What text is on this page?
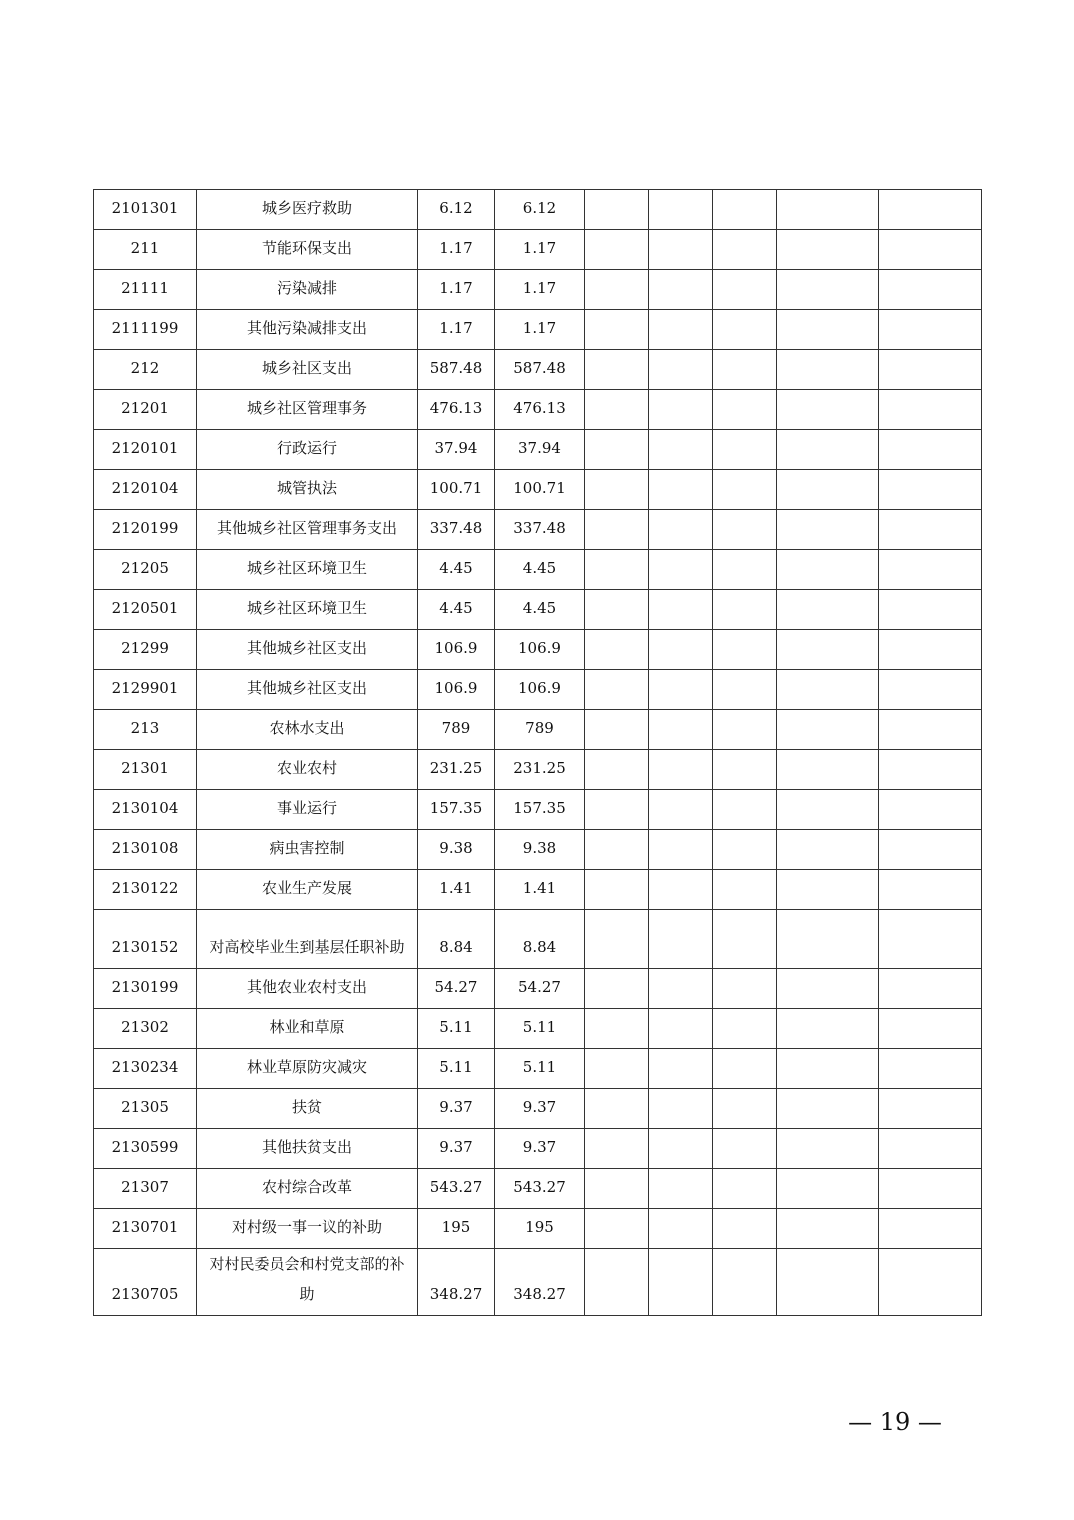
2101301	城乡医疗救助	6.12	6.12					
211	节能环保支出	1.17	1.17					
21111	污染减排	1.17	1.17					
2111199	其他污染减排支出	1.17	1.17					
212	城乡社区支出	587.48	587.48					
21201	城乡社区管理事务	476.13	476.13					
2120101	行政运行	37.94	37.94					
2120104	城管执法	100.71	100.71					
2120199	其他城乡社区管理事务支出	337.48	337.48					
21205	城乡社区环境卫生	4.45	4.45					
2120501	城乡社区环境卫生	4.45	4.45					
21299	其他城乡社区支出	106.9	106.9					
2129901	其他城乡社区支出	106.9	106.9					
213	农林水支出	789	789					
21301	农业农村	231.25	231.25					
2130104	事业运行	157.35	157.35					
2130108	病虫害控制	9.38	9.38					
2130122	农业生产发展	1.41	1.41					
2130152	对高校毕业生到基层任职补助	8.84	8.84					
2130199	其他农业农村支出	54.27	54.27					
21302	林业和草原	5.11	5.11					
2130234	林业草原防灾减灾	5.11	5.11					
21305	扶贫	9.37	9.37					
2130599	其他扶贫支出	9.37	9.37					
21307	农村综合改革	543.27	543.27					
2130701	对村级一事一议的补助	195	195					
2130705	对村民委员会和村党支部的补助	348.27	348.27					
— 19 —
